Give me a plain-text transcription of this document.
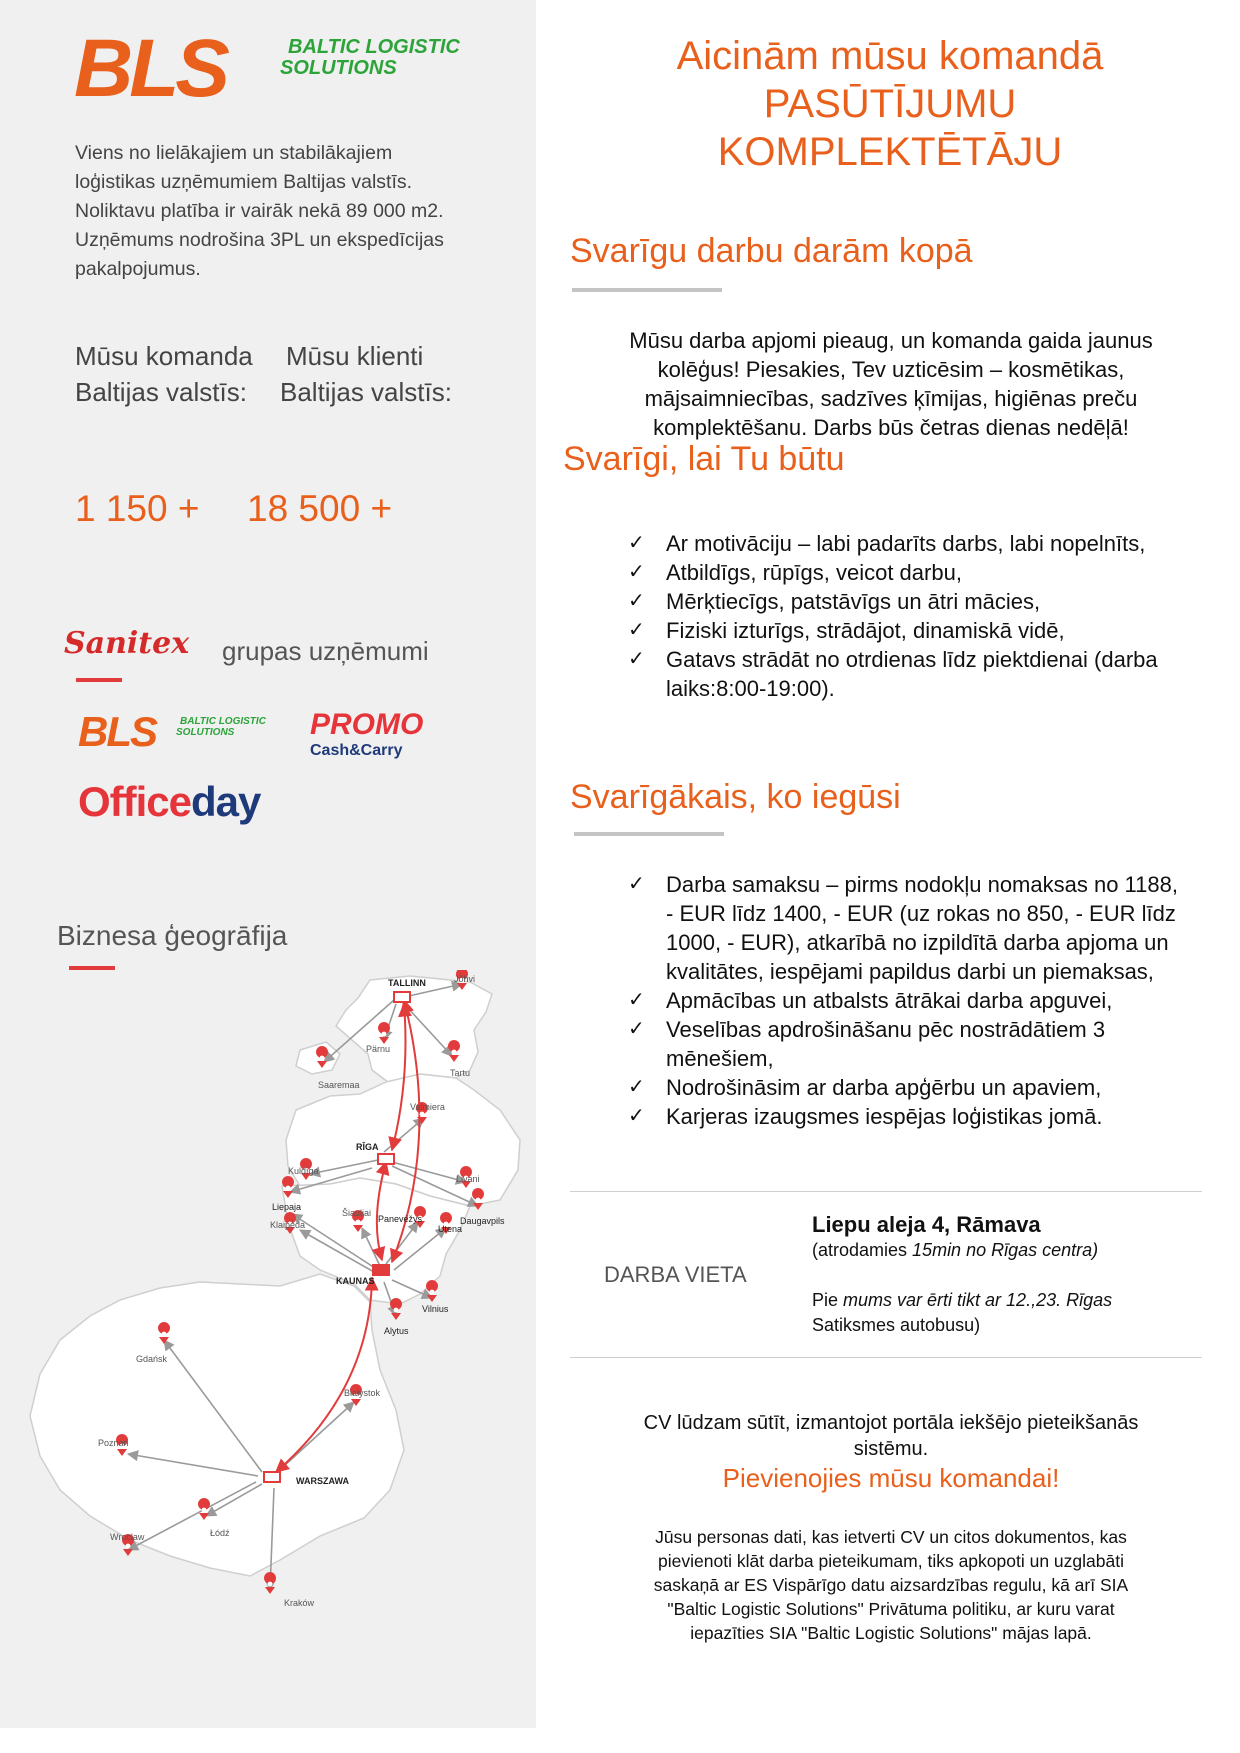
BLS	BALTIC LOGISTIC
SOLUTIONS
Viens no lielākajiem un stabilākajiem
loģistikas uzņēmumiem Baltijas valstīs.
Noliktavu platība ir vairāk nekā 89 000 m2.
Uzņēmums nodrošina 3PL un ekspedīcijas
pakalpojumus.
Mūsu komanda
Baltijas valstīs:
Mūsu klienti
Baltijas valstīs:
1 150 + 18 500 +
Sanitex grupas uzņēmumi
BLS BALTIC LOGISTIC
SOLUTIONS	PROMO
Cash&Carry
Officeday
Biznesa ģeogrāfija
TALLINN	Jõhvi
Pärnu
Tartu
Saaremaa
Valmiera
RĪGA
Kuldīga
Liepaja
Livani
Daugavpils
Šiauliai
Panevėžys
Utena
Klaipėda
KAUNAS
Vilnius
Alytus
Gdańsk
Białystok
Poznań
WARSZAWA
Łódź
Wrocław
Kraków
Aicinām mūsu komandā
PASŪTĪJUMU
KOMPLEKTĒTĀJU
Svarīgu darbu darām kopā
Mūsu darba apjomi pieaug, un komanda gaida jaunus
kolēģus! Piesakies, Tev uzticēsim – kosmētikas,
mājsaimniecības, sadzīves ķīmijas, higiēnas preču
komplektēšanu. Darbs būs četras dienas nedēļā!
Svarīgi, lai Tu būtu
✓ Ar motivāciju – labi padarīts darbs, labi nopelnīts,
✓ Atbildīgs, rūpīgs, veicot darbu,
✓ Mērķtiecīgs, patstāvīgs un ātri mācies,
✓ Fiziski izturīgs, strādājot, dinamiskā vidē,
✓ Gatavs strādāt no otrdienas līdz piektdienai (darba laiks:8:00-19:00).
Svarīgākais, ko iegūsi
✓ Darba samaksu – pirms nodokļu nomaksas no 1188, - EUR līdz 1400, - EUR (uz rokas no 850, - EUR līdz 1000, - EUR), atkarībā no izpildītā darba apjoma un kvalitātes, iespējami papildus darbi un piemaksas,
✓ Apmācības un atbalsts ātrākai darba apguvei,
✓ Veselības apdrošināšanu pēc nostrādātiem 3 mēnešiem,
✓ Nodrošināsim ar darba apģērbu un apaviem,
✓ Karjeras izaugsmes iespējas loģistikas jomā.
DARBA VIETA
Liepu aleja 4, Rāmava
(atrodamies 15min no Rīgas centra)
Pie mums var ērti tikt ar 12.,23. Rīgas
Satiksmes autobusu)
CV lūdzam sūtīt, izmantojot portāla iekšējo pieteikšanās
sistēmu.
Pievienojies mūsu komandai!
Jūsu personas dati, kas ietverti CV un citos dokumentos, kas
pievienoti klāt darba pieteikumam, tiks apkopoti un uzglabāti
saskaņā ar ES Vispārīgo datu aizsardzības regulu, kā arī SIA
"Baltic Logistic Solutions" Privātuma politiku, ar kuru varat
iepazīties SIA "Baltic Logistic Solutions" mājas lapā.
